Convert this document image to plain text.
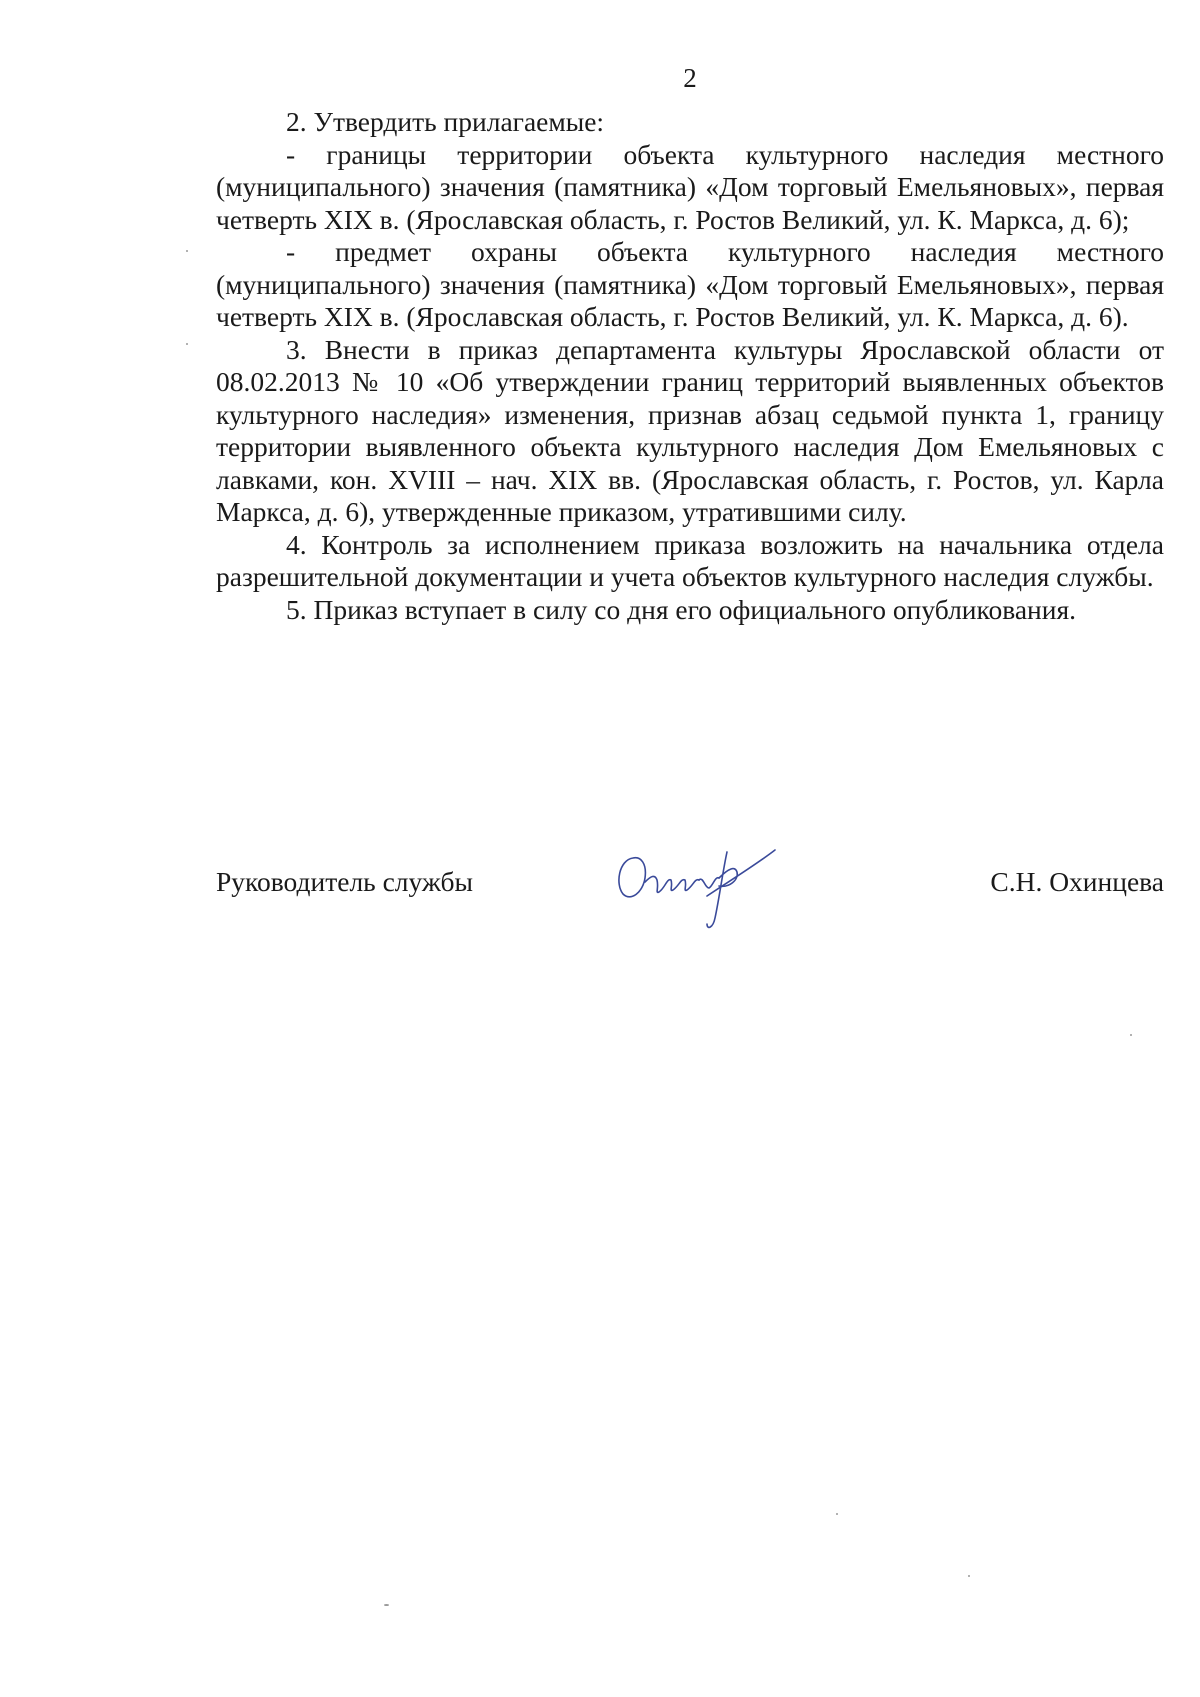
2

2. Утвердить прилагаемые:

- границы территории объекта культурного наследия местного (муниципального) значения (памятника) «Дом торговый Емельяновых», первая четверть XIX в. (Ярославская область, г. Ростов Великий, ул. К. Маркса, д. 6);

- предмет охраны объекта культурного наследия местного (муниципального) значения (памятника) «Дом торговый Емельяновых», первая четверть XIX в. (Ярославская область, г. Ростов Великий, ул. К. Маркса, д. 6).

3. Внести в приказ департамента культуры Ярославской области от 08.02.2013 № 10 «Об утверждении границ территорий выявленных объектов культурного наследия» изменения, признав абзац седьмой пункта 1, границу территории выявленного объекта культурного наследия Дом Емельяновых с лавками, кон. XVIII – нач. XIX вв. (Ярославская область, г. Ростов, ул. Карла Маркса, д. 6), утвержденные приказом, утратившими силу.

4. Контроль за исполнением приказа возложить на начальника отдела разрешительной документации и учета объектов культурного наследия службы.

5. Приказ вступает в силу со дня его официального опубликования.

Руководитель службы	С.Н. Охинцева
